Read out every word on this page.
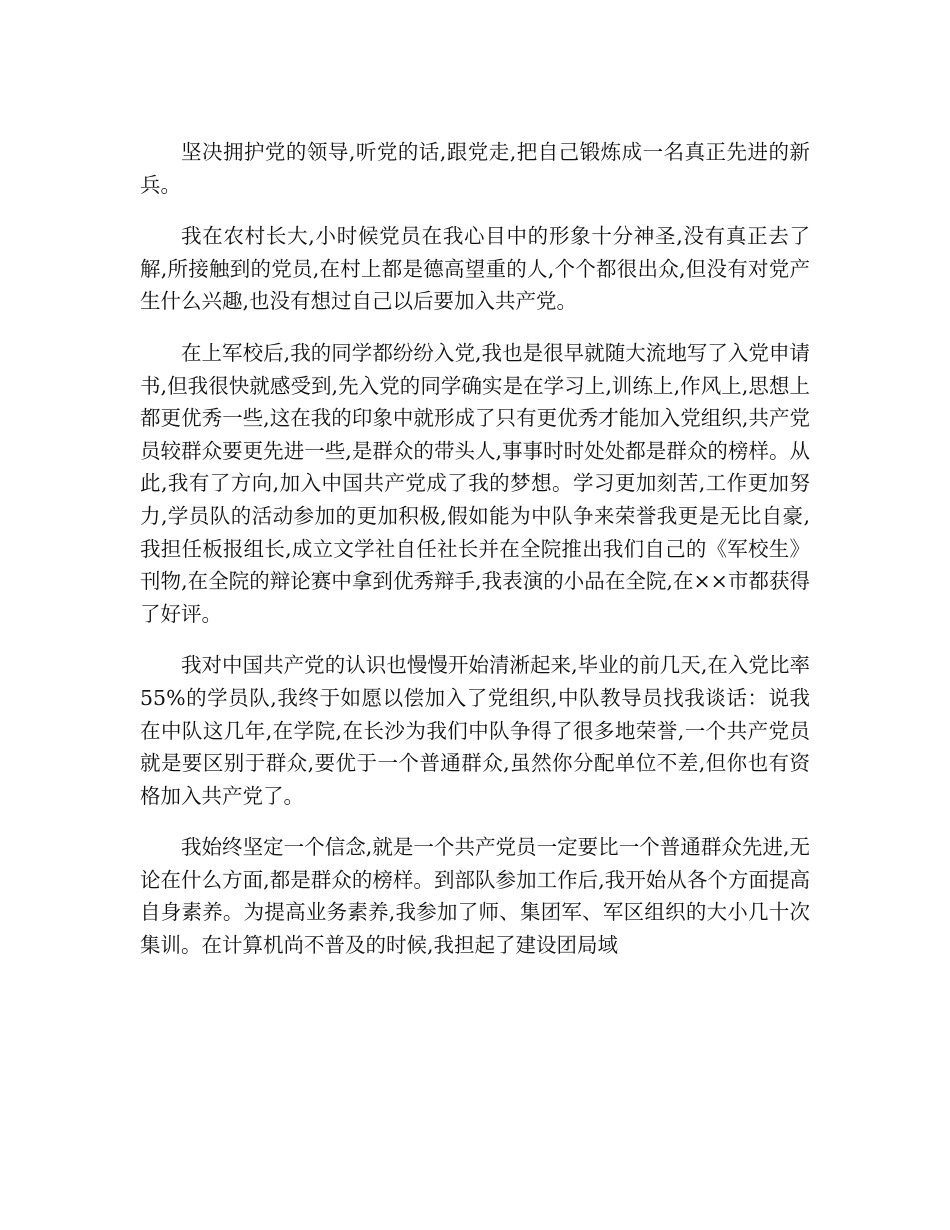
坚决拥护党的领导,听党的话,跟党走,把自己锻炼成一名真正先进的新兵。

我在农村长大,小时候党员在我心目中的形象十分神圣,没有真正去了解,所接触到的党员,在村上都是德高望重的人,个个都很出众,但没有对党产生什么兴趣,也没有想过自己以后要加入共产党。

在上军校后,我的同学都纷纷入党,我也是很早就随大流地写了入党申请书,但我很快就感受到,先入党的同学确实是在学习上,训练上,作风上,思想上都更优秀一些,这在我的印象中就形成了只有更优秀才能加入党组织,共产党员较群众要更先进一些,是群众的带头人,事事时时处处都是群众的榜样。从此,我有了方向,加入中国共产党成了我的梦想。学习更加刻苦,工作更加努力,学员队的活动参加的更加积极,假如能为中队争来荣誉我更是无比自豪,我担任板报组长,成立文学社自任社长并在全院推出我们自己的《军校生》刊物,在全院的辩论赛中拿到优秀辩手,我表演的小品在全院,在××市都获得了好评。

我对中国共产党的认识也慢慢开始清淅起来,毕业的前几天,在入党比率 55%的学员队,我终于如愿以偿加入了党组织,中队教导员找我谈话：说我在中队这几年,在学院,在长沙为我们中队争得了很多地荣誉,一个共产党员就是要区别于群众,要优于一个普通群众,虽然你分配单位不差,但你也有资格加入共产党了。

我始终坚定一个信念,就是一个共产党员一定要比一个普通群众先进,无论在什么方面,都是群众的榜样。到部队参加工作后,我开始从各个方面提高自身素养。为提高业务素养,我参加了师、集团军、军区组织的大小几十次集训。在计算机尚不普及的时候,我担起了建设团局域
